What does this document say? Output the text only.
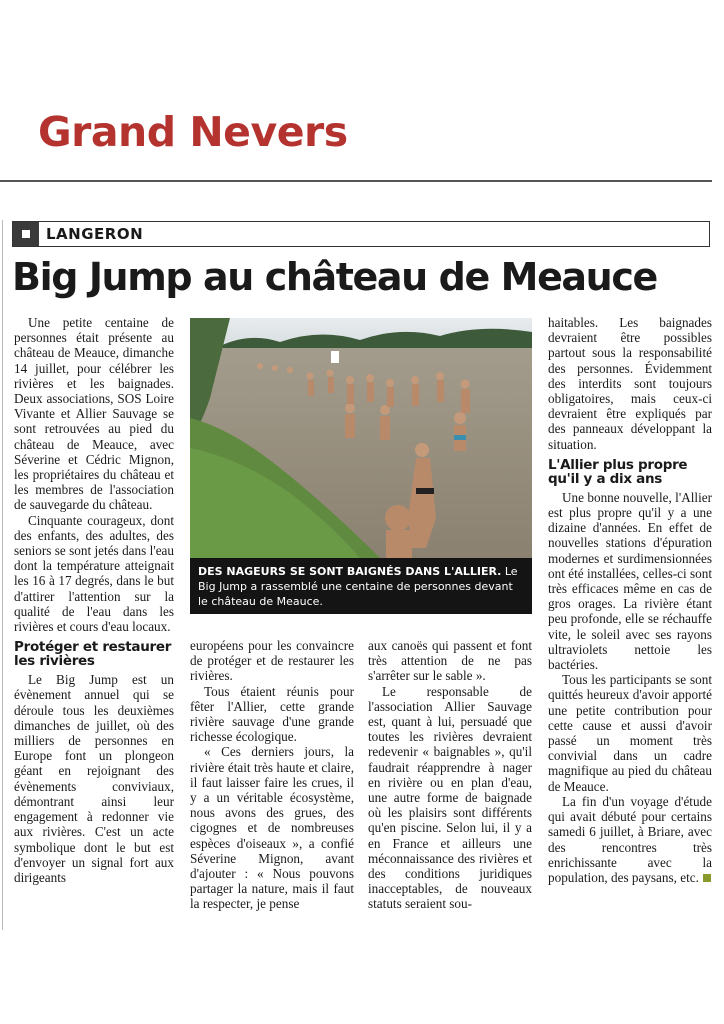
Grand Nevers
LANGERON
Big Jump au château de Meauce

Une petite centaine de personnes était présente au château de Meauce, dimanche 14 juillet, pour célébrer les rivières et les baignades. Deux associations, SOS Loire Vivante et Allier Sauvage se sont retrouvées au pied du château de Meauce, avec Séverine et Cédric Mignon, les propriétaires du château et les membres de l'association de sauvegarde du château.

Cinquante courageux, dont des enfants, des adultes, des seniors se sont jetés dans l'eau dont la température atteignait les 16 à 17 degrés, dans le but d'attirer l'attention sur la qualité de l'eau dans les rivières et cours d'eau locaux.

Protéger et restaurer les rivières

Le Big Jump est un évènement annuel qui se déroule tous les deuxièmes dimanches de juillet, où des milliers de personnes en Europe font un plongeon géant en rejoignant des évènements conviviaux, démontrant ainsi leur engagement à redonner vie aux rivières. C'est un acte symbolique dont le but est d'envoyer un signal fort aux dirigeants

DES NAGEURS SE SONT BAIGNÉS DANS L'ALLIER. Le Big Jump a rassemblé une centaine de personnes devant le château de Meauce.

européens pour les convaincre de protéger et de restaurer les rivières.

Tous étaient réunis pour fêter l'Allier, cette grande rivière sauvage d'une grande richesse écologique.

« Ces derniers jours, la rivière était très haute et claire, il faut laisser faire les crues, il y a un véritable écosystème, nous avons des grues, des cigognes et de nombreuses espèces d'oiseaux », a confié Séverine Mignon, avant d'ajouter : « Nous pouvons partager la nature, mais il faut la respecter, je pense

aux canoës qui passent et font très attention de ne pas s'arrêter sur le sable ».

Le responsable de l'association Allier Sauvage est, quant à lui, persuadé que toutes les rivières devraient redevenir « baignables », qu'il faudrait réapprendre à nager en rivière ou en plan d'eau, une autre forme de baignade où les plaisirs sont différents qu'en piscine. Selon lui, il y a en France et ailleurs une méconnaissance des rivières et des conditions juridiques inacceptables, de nouveaux statuts seraient sou-

haitables. Les baignades devraient être possibles partout sous la responsabilité des personnes. Évidemment des interdits sont toujours obligatoires, mais ceux-ci devraient être expliqués par des panneaux développant la situation.

L'Allier plus propre qu'il y a dix ans

Une bonne nouvelle, l'Allier est plus propre qu'il y a une dizaine d'années. En effet de nouvelles stations d'épuration modernes et surdimensionnées ont été installées, celles-ci sont très efficaces même en cas de gros orages. La rivière étant peu profonde, elle se réchauffe vite, le soleil avec ses rayons ultraviolets nettoie les bactéries.

Tous les participants se sont quittés heureux d'avoir apporté une petite contribution pour cette cause et aussi d'avoir passé un moment très convivial dans un cadre magnifique au pied du château de Meauce.

La fin d'un voyage d'étude qui avait débuté pour certains samedi 6 juillet, à Briare, avec des rencontres très enrichissante avec la population, des paysans, etc.
